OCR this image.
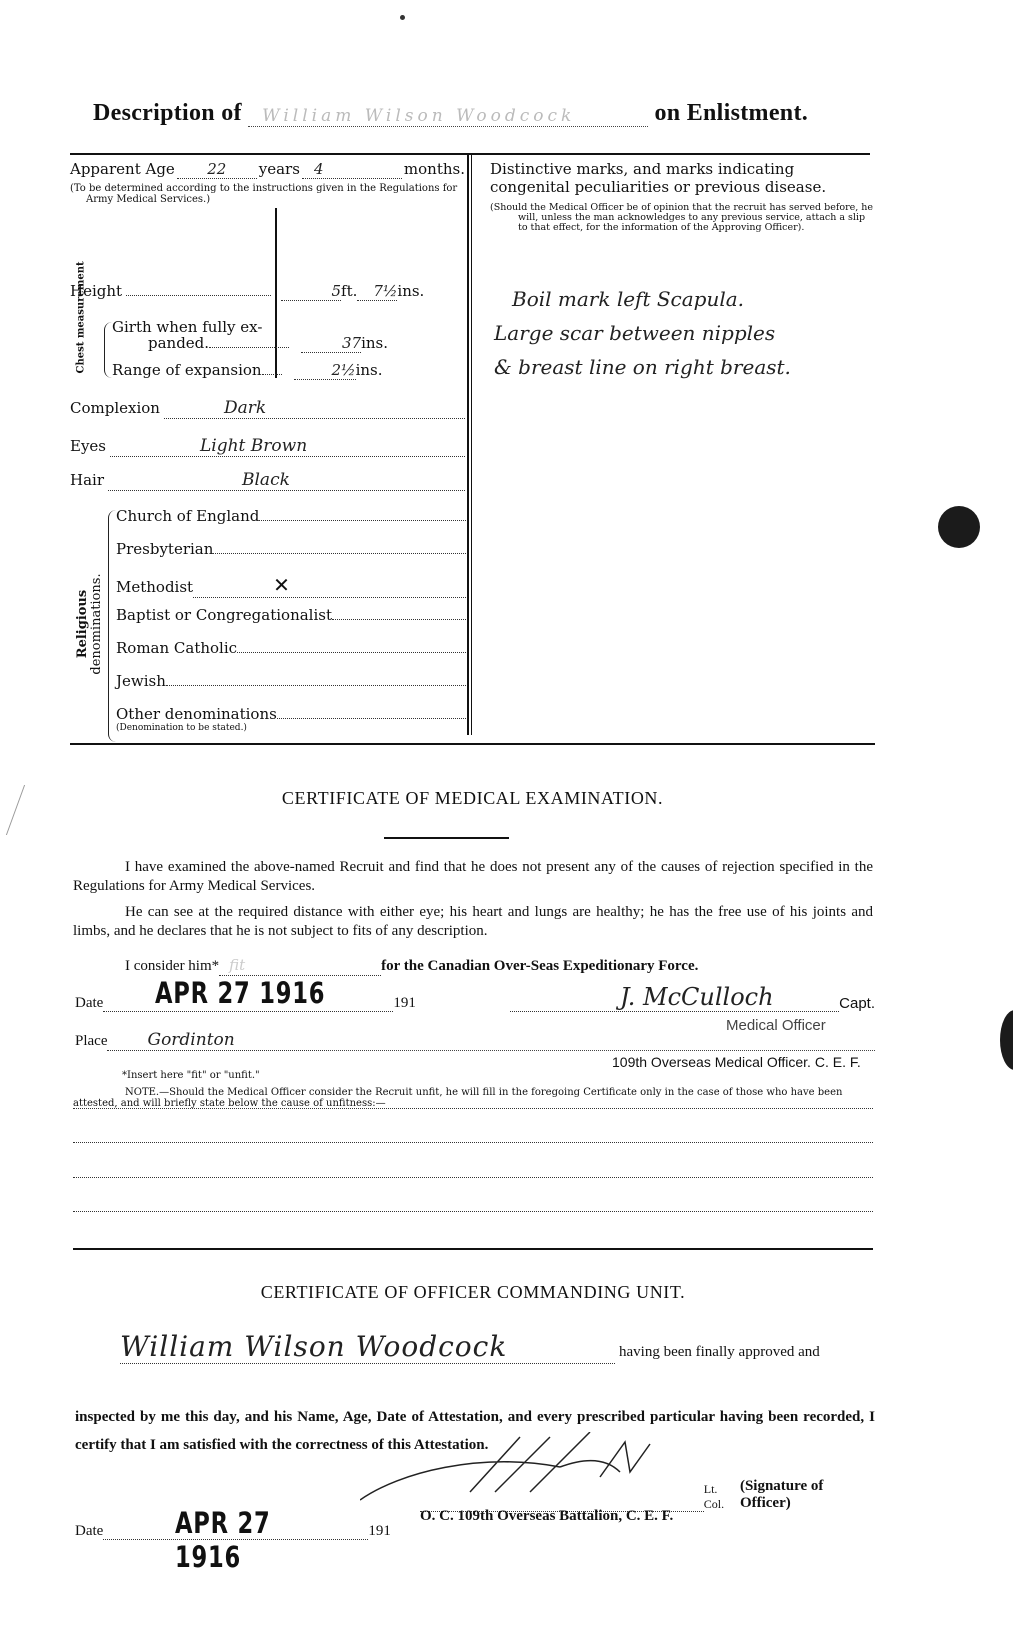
Description of William Wilson Woodcock	on Enlistment.
Apparent Age	22	years 4	months.
(To be determined according to the instructions given in the Regulations for Army Medical Services.)
Height	5 ft.	7½ ins.
Chest measurement Girth when fully ex-
panded.	37 ins.
Range of expansion	2½ ins.
Complexion	Dark
Eyes	Light Brown
Hair	Black
Religious denominations.
Church of England
Presbyterian
Methodist	✕
Baptist or Congregationalist
Roman Catholic
Jewish
Other denominations
(Denomination to be stated.)
Distinctive marks, and marks indicating congenital peculiarities or previous disease.
(Should the Medical Officer be of opinion that the recruit has served before, he will, unless the man acknowledges to any previous service, attach a slip to that effect, for the information of the Approving Officer).
Boil mark left Scapula.
Large scar between nipples
& breast line on right breast.
CERTIFICATE OF MEDICAL EXAMINATION.
I have examined the above-named Recruit and find that he does not present any of the causes of rejection specified in the Regulations for Army Medical Services.
He can see at the required distance with either eye; his heart and lungs are healthy; he has the free use of his joints and limbs, and he declares that he is not subject to fits of any description.
I consider him* fit	for the Canadian Over-Seas Expeditionary Force.
Date APR 27 1916	191	J. McCulloch	Capt.
Place	Gordinton
Medical Officer
109th Overseas Medical Officer. C. E. F.
*Insert here "fit" or "unfit."
NOTE.—Should the Medical Officer consider the Recruit unfit, he will fill in the foregoing Certificate only in the case of those who have been attested, and will briefly state below the cause of unfitness:—
CERTIFICATE OF OFFICER COMMANDING UNIT.
William Wilson Woodcock	having been finally approved and
inspected by me this day, and his Name, Age, Date of Attestation, and every prescribed particular having been recorded, I certify that I am satisfied with the correctness of this Attestation.
Lt. Col.
(Signature of Officer)
O. C. 109th Overseas Battalion, C. E. F.
Date APR 27 1916
191
